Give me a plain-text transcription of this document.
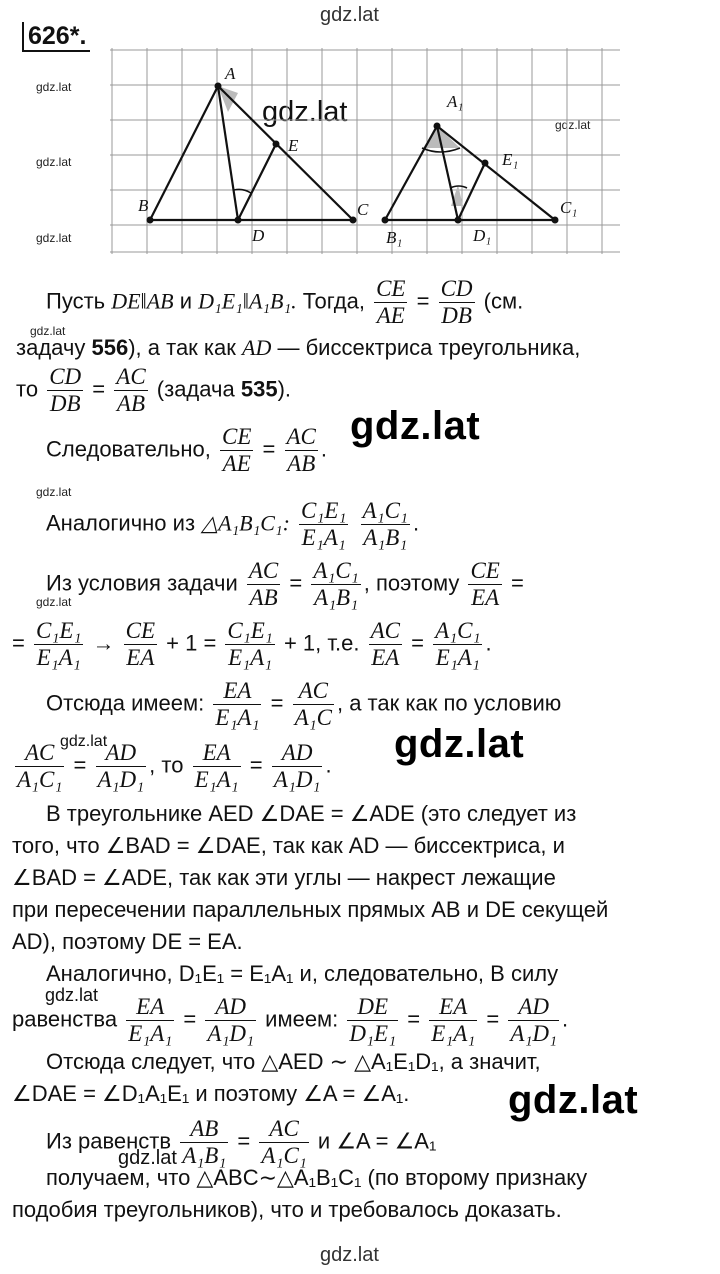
gdz.lat
gdz.lat
gdz.lat
gdz.lat
gdz.lat
gdz.lat
gdz.lat
gdz.lat
gdz.lat
gdz.lat
gdz.lat
gdz.lat
gdz.lat
gdz.lat
gdz.lat
gdz.lat
626*.
A
B	C
D
E
A₁
B₁
C₁
D₁
E₁
Пусть DE‖AB и D₁E₁‖A₁B₁. Тогда, $\frac{CE}{AE} = \frac{CD}{DB} (см$.
задачу 556), а так как AD — биссектриса треугольника,
то $\frac{CD}{DB} = \frac{AC}{AB}$ (задача 535).
Следовательно, $\frac{CE}{AE} = \frac{AC}{AB}$ .
Аналогично из △A₁B₁C₁: $\frac{\text{C₁E₁}}{\text{E₁A₁}}$
$\frac{\text{A₁C₁}}{\text{A₁B₁}}$ .
Из условия задачи $\frac{AC}{AB} = \frac{\text{A₁C₁}}{\text{A₁B₁}}$ , поэтому $\frac{CE}{EA}$ =
= $\frac{\text{C₁E₁}}{\text{E₁A₁}} \to \frac{CE}{EA} + 1 = \frac{\text{C₁E₁}}{\text{E₁A₁}} + 1$, т.е. $\frac{AC}{EA} = \frac{\text{A₁C₁}}{\text{E₁A₁}}$ .
Отсюда имеем: $\frac{EA}{\text{E₁A₁}} = \frac{AC}{\text{A₁C}}$ , а так как по условию
$\frac{AC}{\text{A₁C₁}} = \frac{AD}{\text{A₁D₁}}$ , то $\frac{EA}{\text{E₁A₁}} = \frac{AD}{\text{A₁D₁}}$ .
В треугольнике AED ∠DAE = ∠ADE (это следует из
того, что ∠BAD = ∠DAE, так как AD — биссектриса, и
∠BAD = ∠ADE, так как эти углы — накрест лежащие
при пересечении параллельных прямых AB и DE секущей
AD), поэтому DE = EA.
Аналогично, D₁E₁ = E₁A₁ и, следовательно, В силу
равенства $\frac{EA}{\text{E₁A₁}} = \frac{AD}{\text{A₁D₁}}$ имеем: $\frac{DE}{\text{D₁E₁}} = \frac{EA}{\text{E₁A₁}} = \frac{AD}{\text{A₁D₁}}$ .
Отсюда следует, что △AED ∼ △A₁E₁D₁, а значит,
∠DAE = ∠D₁A₁E₁ и поэтому ∠A = ∠A₁.
Из равенств $\frac{AB}{\text{A₁B₁}} = \frac{AC}{\text{A₁C₁}}$ и ∠A = ∠A₁
получаем, что △ABC∼△A₁B₁C₁ (по второму признаку
подобия треугольников), что и требовалось доказать.
